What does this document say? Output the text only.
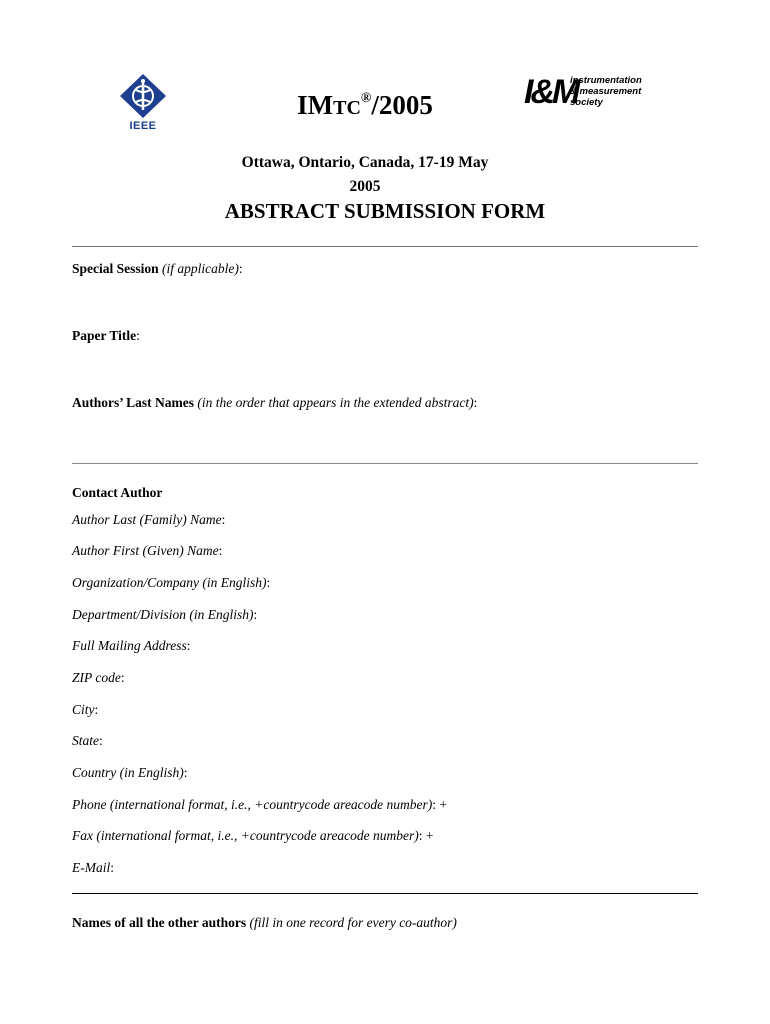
IEEE
IMTC®/2005	I&M
instrumentation
& measurement
society
Ottawa, Ontario, Canada, 17-19 May
2005
ABSTRACT SUBMISSION FORM
Special Session (if applicable):
Paper Title:
Authors’ Last Names (in the order that appears in the extended abstract):
Contact Author
Author Last (Family) Name:
Author First (Given) Name:
Organization/Company (in English):
Department/Division (in English):
Full Mailing Address:
ZIP code:
City:
State:
Country (in English):
Phone (international format, i.e., +countrycode areacode number): +
Fax (international format, i.e., +countrycode areacode number): +
E-Mail:
Names of all the other authors (fill in one record for every co-author)
